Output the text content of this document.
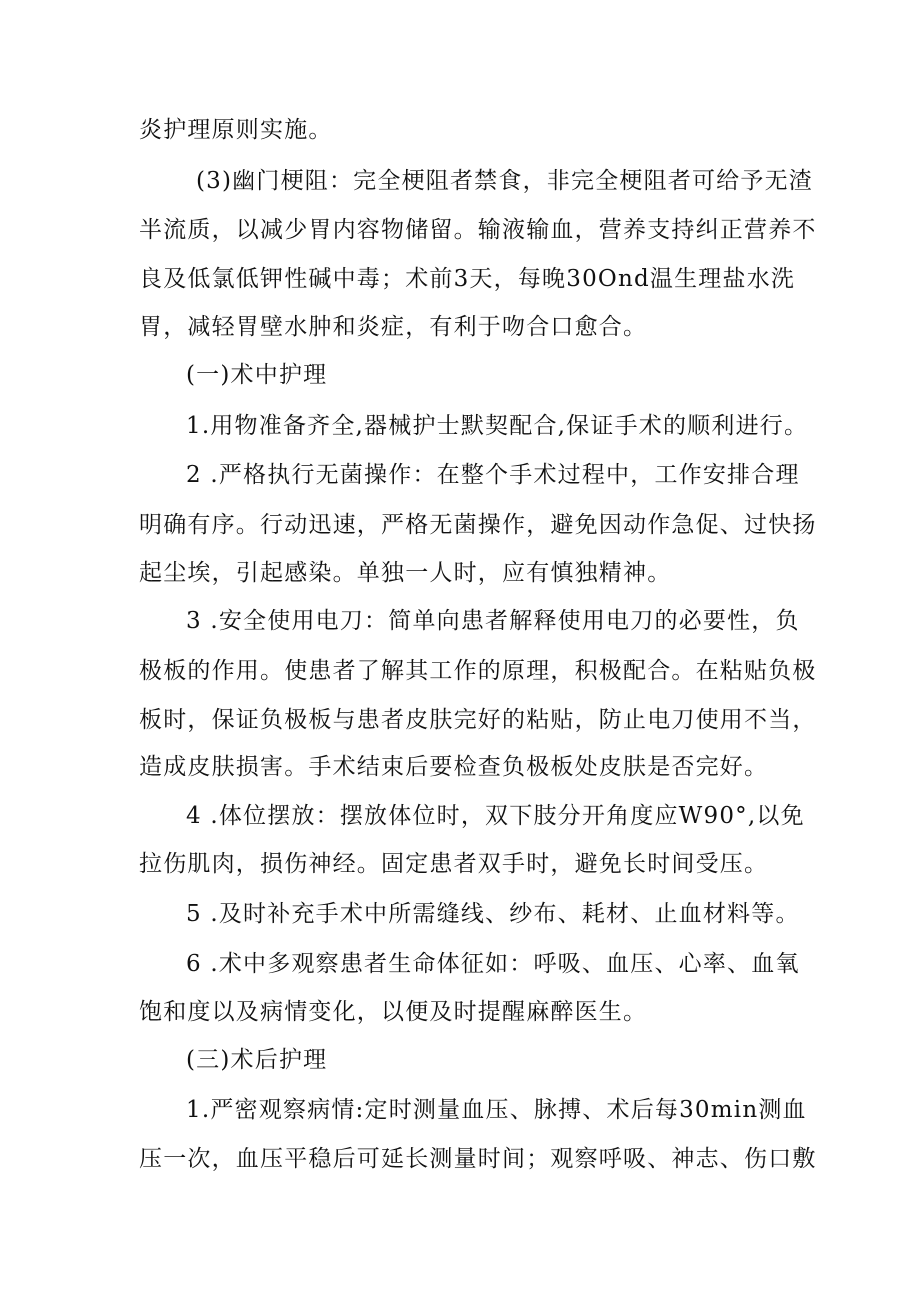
炎护理原则实施。
(3)幽门梗阻：完全梗阻者禁食，非完全梗阻者可给予无渣
半流质，以减少胃内容物储留。输液输血，营养支持纠正营养不
良及低氯低钾性碱中毒；术前3天，每晚30Ond温生理盐水洗
胃，减轻胃壁水肿和炎症，有利于吻合口愈合。
(一)术中护理
1.用物准备齐全,器械护士默契配合,保证手术的顺利进行。
2 .严格执行无菌操作：在整个手术过程中，工作安排合理
明确有序。行动迅速，严格无菌操作，避免因动作急促、过快扬
起尘埃，引起感染。单独一人时，应有慎独精神。
3 .安全使用电刀：简单向患者解释使用电刀的必要性，负
极板的作用。使患者了解其工作的原理，积极配合。在粘贴负极
板时，保证负极板与患者皮肤完好的粘贴，防止电刀使用不当，
造成皮肤损害。手术结束后要检查负极板处皮肤是否完好。
4 .体位摆放：摆放体位时，双下肢分开角度应W90°,以免
拉伤肌肉，损伤神经。固定患者双手时，避免长时间受压。
5 .及时补充手术中所需缝线、纱布、耗材、止血材料等。
6 .术中多观察患者生命体征如：呼吸、血压、心率、血氧
饱和度以及病情变化，以便及时提醒麻醉医生。
(三)术后护理
1.严密观察病情:定时测量血压、脉搏、术后每30min测血
压一次，血压平稳后可延长测量时间；观察呼吸、神志、伤口敷
